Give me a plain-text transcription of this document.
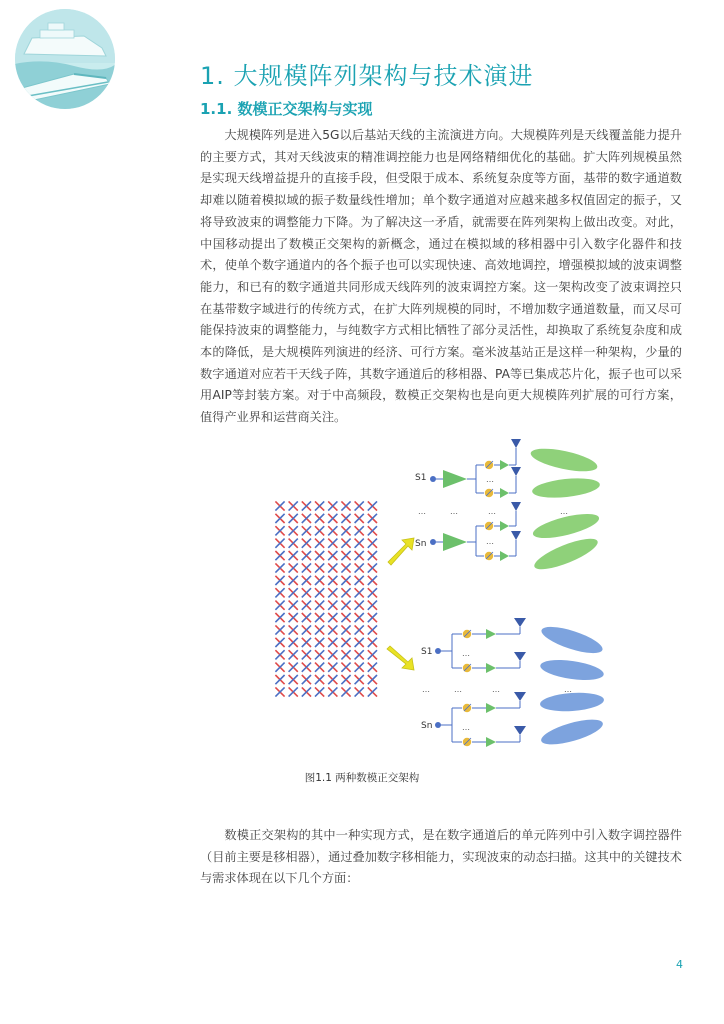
1. 大规模阵列架构与技术演进
1.1. 数模正交架构与实现

大规模阵列是进入5G以后基站天线的主流演进方向。大规模阵列是天线覆盖能力提升的主要方式，其对天线波束的精准调控能力也是网络精细优化的基础。扩大阵列规模虽然是实现天线增益提升的直接手段，但受限于成本、系统复杂度等方面，基带的数字通道数却难以随着模拟域的振子数量线性增加；单个数字通道对应越来越多权值固定的振子，又将导致波束的调整能力下降。为了解决这一矛盾，就需要在阵列架构上做出改变。对此，中国移动提出了数模正交架构的新概念，通过在模拟域的移相器中引入数字化器件和技术，使单个数字通道内的各个振子也可以实现快速、高效地调控，增强模拟域的波束调整能力，和已有的数字通道共同形成天线阵列的波束调控方案。这一架构改变了波束调控只在基带数字域进行的传统方式，在扩大阵列规模的同时，不增加数字通道数量，而又尽可能保持波束的调整能力，与纯数字方式相比牺牲了部分灵活性，却换取了系统复杂度和成本的降低，是大规模阵列演进的经济、可行方案。毫米波基站正是这样一种架构，少量的数字通道对应若干天线子阵，其数字通道后的移相器、PA等已集成芯片化，振子也可以采用AIP等封装方案。对于中高频段，数模正交架构也是向更大规模阵列扩展的可行方案，值得产业界和运营商关注。

S1	…
…	…	…	…
Sn	…
S1	…
…	…	…	…
Sn	…
图1.1 两种数模正交架构

数模正交架构的其中一种实现方式，是在数字通道后的单元阵列中引入数字调控器件（目前主要是移相器），通过叠加数字移相能力，实现波束的动态扫描。这其中的关键技术与需求体现在以下几个方面：

4
